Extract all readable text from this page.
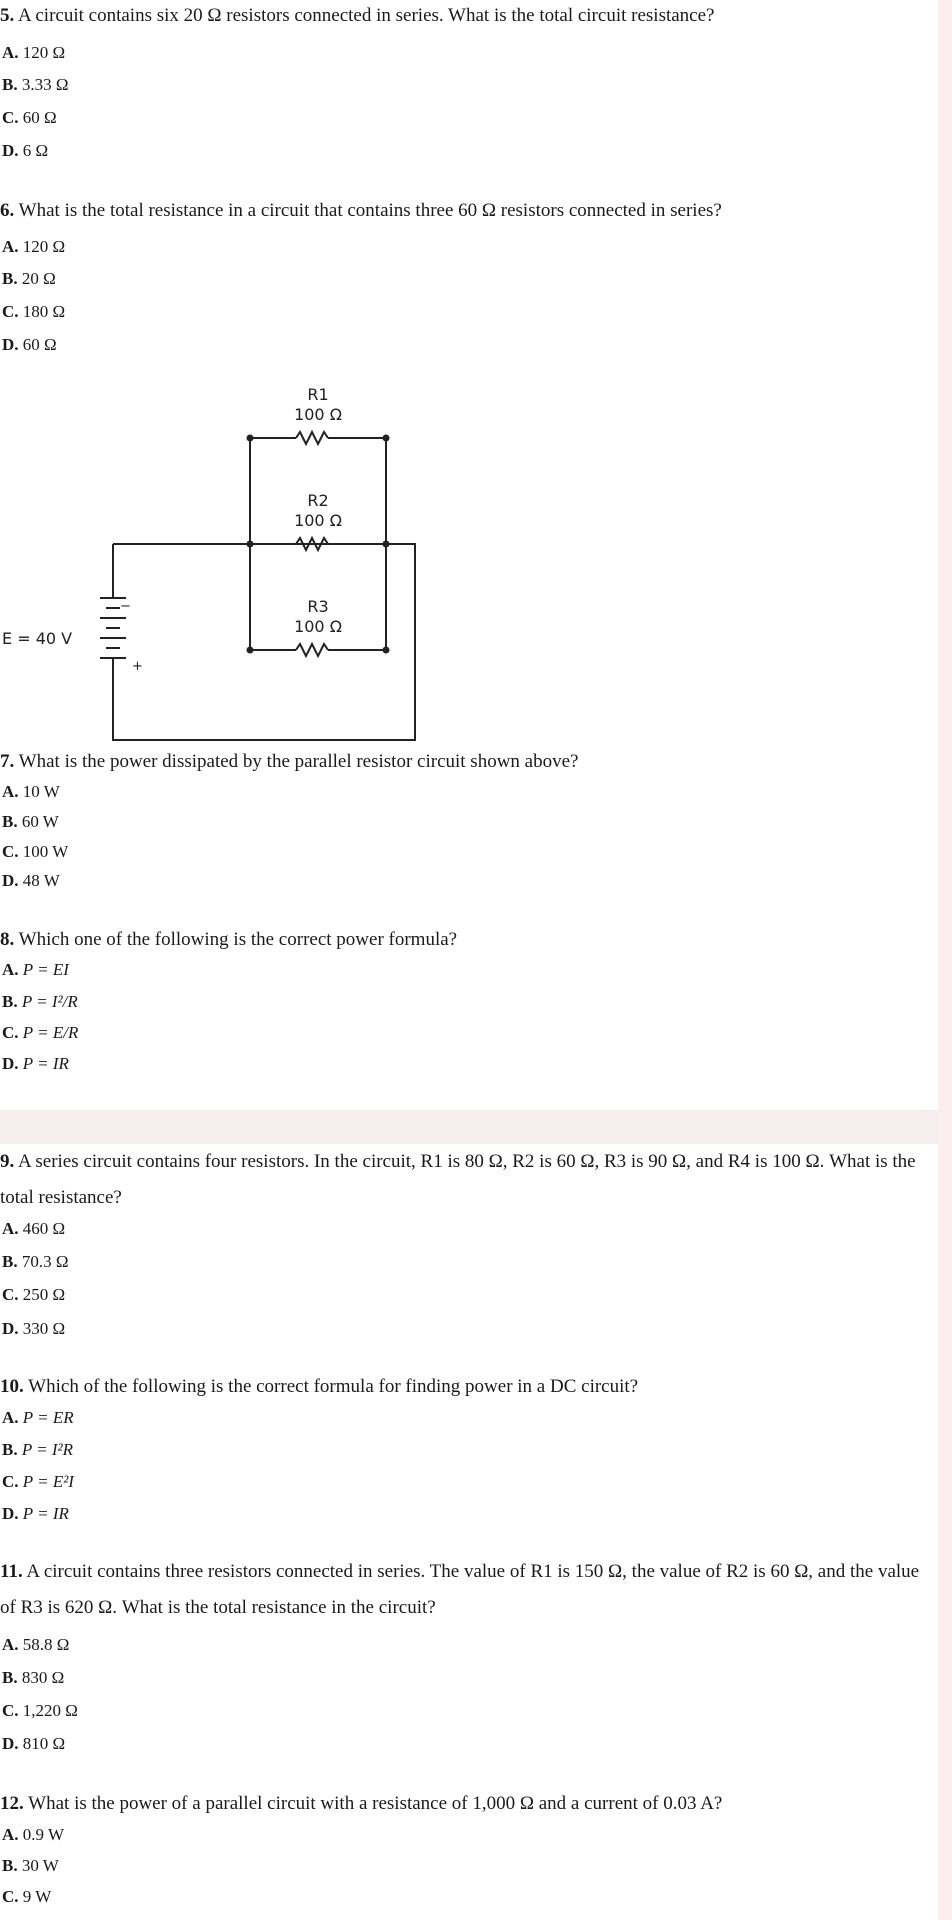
5. A circuit contains six 20 Ω resistors connected in series. What is the total circuit resistance?
A. 120 Ω
B. 3.33 Ω
C. 60 Ω
D. 6 Ω
6. What is the total resistance in a circuit that contains three 60 Ω resistors connected in series?
A. 120 Ω
B. 20 Ω
C. 180 Ω
D. 60 Ω
E = 40 V
−
+
R1
100 Ω
R2
100 Ω
R3
100 Ω
7. What is the power dissipated by the parallel resistor circuit shown above?
A. 10 W
B. 60 W
C. 100 W
D. 48 W
8. Which one of the following is the correct power formula?
A. P = EI
B. P = I²/R
C. P = E/R
D. P = IR
9. A series circuit contains four resistors. In the circuit, R1 is 80 Ω, R2 is 60 Ω, R3 is 90 Ω, and R4 is 100 Ω. What is the total resistance?
A. 460 Ω
B. 70.3 Ω
C. 250 Ω
D. 330 Ω
10. Which of the following is the correct formula for finding power in a DC circuit?
A. P = ER
B. P = I²R
C. P = E²I
D. P = IR
11. A circuit contains three resistors connected in series. The value of R1 is 150 Ω, the value of R2 is 60 Ω, and the value of R3 is 620 Ω. What is the total resistance in the circuit?
A. 58.8 Ω
B. 830 Ω
C. 1,220 Ω
D. 810 Ω
12. What is the power of a parallel circuit with a resistance of 1,000 Ω and a current of 0.03 A?
A. 0.9 W
B. 30 W
C. 9 W
